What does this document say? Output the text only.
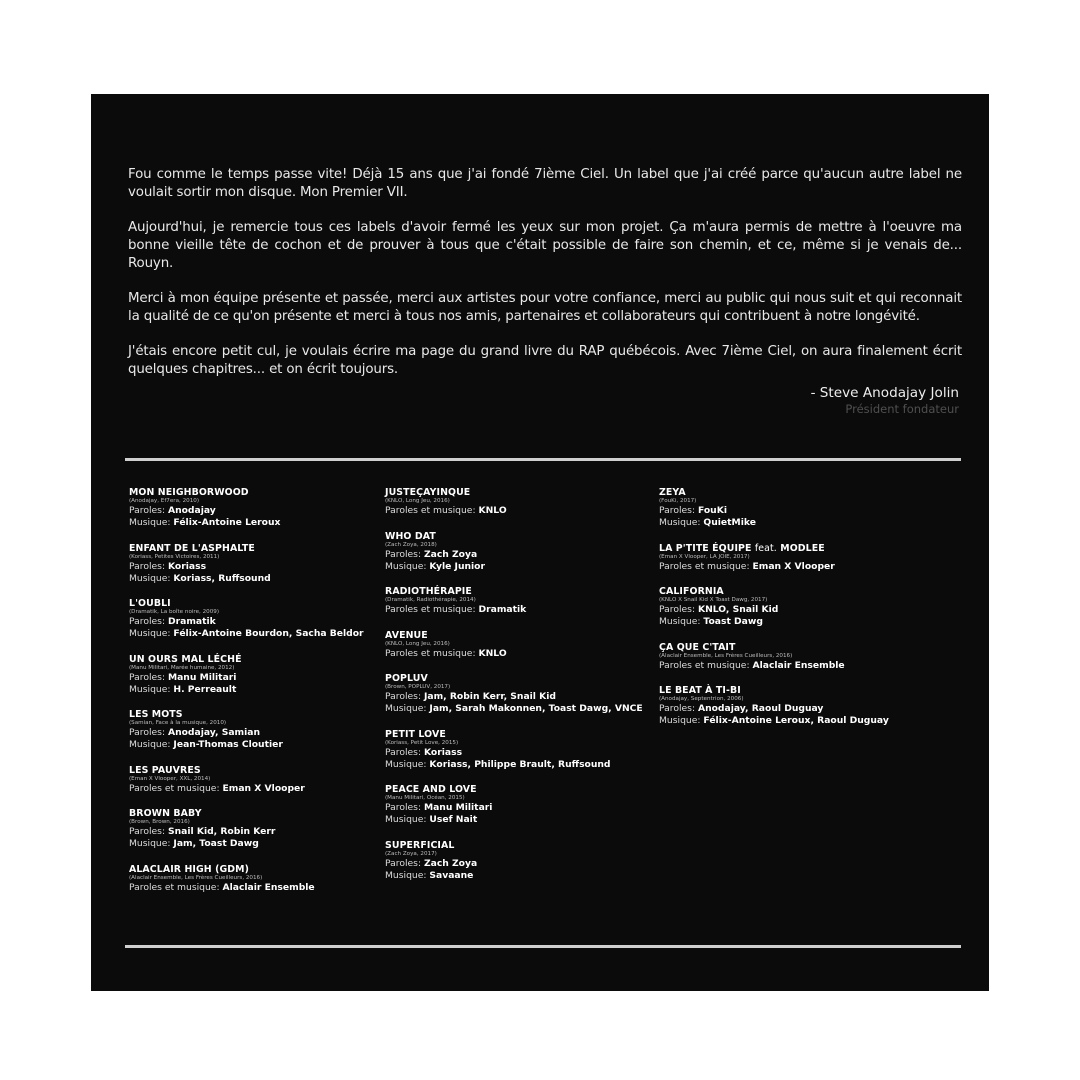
Fou comme le temps passe vite! Déjà 15 ans que j'ai fondé 7ième Ciel. Un label que j'ai créé parce qu'aucun autre label ne voulait sortir mon disque. Mon Premier VII.

Aujourd'hui, je remercie tous ces labels d'avoir fermé les yeux sur mon projet. Ça m'aura permis de mettre à l'oeuvre ma bonne vieille tête de cochon et de prouver à tous que c'était possible de faire son chemin, et ce, même si je venais de... Rouyn.

Merci à mon équipe présente et passée, merci aux artistes pour votre confiance, merci au public qui nous suit et qui reconnait la qualité de ce qu'on présente et merci à tous nos amis, partenaires et collaborateurs qui contribuent à notre longévité.

J'étais encore petit cul, je voulais écrire ma page du grand livre du RAP québécois. Avec 7ième Ciel, on aura finalement écrit quelques chapitres... et on écrit toujours.

- Steve Anodajay Jolin
Président fondateur
MON NEIGHBORWOOD
(Anodajay, Ef7era, 2010)
Paroles: Anodajay
Musique: Félix-Antoine Leroux
ENFANT DE L'ASPHALTE
(Koriass, Petites Victoires, 2011)
Paroles: Koriass
Musique: Koriass, Ruffsound
L'OUBLI
(Dramatik, La boîte noire, 2009)
Paroles: Dramatik
Musique: Félix-Antoine Bourdon, Sacha Beldor
UN OURS MAL LÉCHÉ
(Manu Militari, Marée humaine, 2012)
Paroles: Manu Militari
Musique: H. Perreault
LES MOTS
(Samian, Face à la musique, 2010)
Paroles: Anodajay, Samian
Musique: Jean-Thomas Cloutier
LES PAUVRES
(Eman X Vlooper, XXL, 2014)
Paroles et musique: Eman X Vlooper
BROWN BABY
(Brown, Brown, 2016)
Paroles: Snail Kid, Robin Kerr
Musique: Jam, Toast Dawg
ALACLAIR HIGH (GDM)
(Alaclair Ensemble, Les Frères Cueilleurs, 2016)
Paroles et musique: Alaclair Ensemble
JUSTEÇAYINQUE
(KNLO, Long Jeu, 2016)
Paroles et musique: KNLO
WHO DAT
(Zach Zoya, 2018)
Paroles: Zach Zoya
Musique: Kyle Junior
RADIOTHÉRAPIE
(Dramatik, Radiothérapie, 2014)
Paroles et musique: Dramatik
AVENUE
(KNLO, Long Jeu, 2016)
Paroles et musique: KNLO
POPLUV
(Brown, POPLUV, 2017)
Paroles: Jam, Robin Kerr, Snail Kid
Musique: Jam, Sarah Makonnen, Toast Dawg, VNCE
PETIT LOVE
(Koriass, Petit Love, 2015)
Paroles: Koriass
Musique: Koriass, Philippe Brault, Ruffsound
PEACE AND LOVE
(Manu Militari, Océan, 2015)
Paroles: Manu Militari
Musique: Usef Nait
SUPERFICIAL
(Zach Zoya, 2017)
Paroles: Zach Zoya
Musique: Savaane
ZEYA
(FouKi, 2017)
Paroles: FouKi
Musique: QuietMike
LA P'TITE ÉQUIPE feat. MODLEE
(Eman X Vlooper, LA JOIE, 2017)
Paroles et musique: Eman X Vlooper
CALIFORNIA
(KNLO X Snail Kid X Toast Dawg, 2017)
Paroles: KNLO, Snail Kid
Musique: Toast Dawg
ÇA QUE C'TAIT
(Alaclair Ensemble, Les Frères Cueilleurs, 2016)
Paroles et musique: Alaclair Ensemble
LE BEAT À TI-BI
(Anodajay, Septentrion, 2006)
Paroles: Anodajay, Raoul Duguay
Musique: Félix-Antoine Leroux, Raoul Duguay
